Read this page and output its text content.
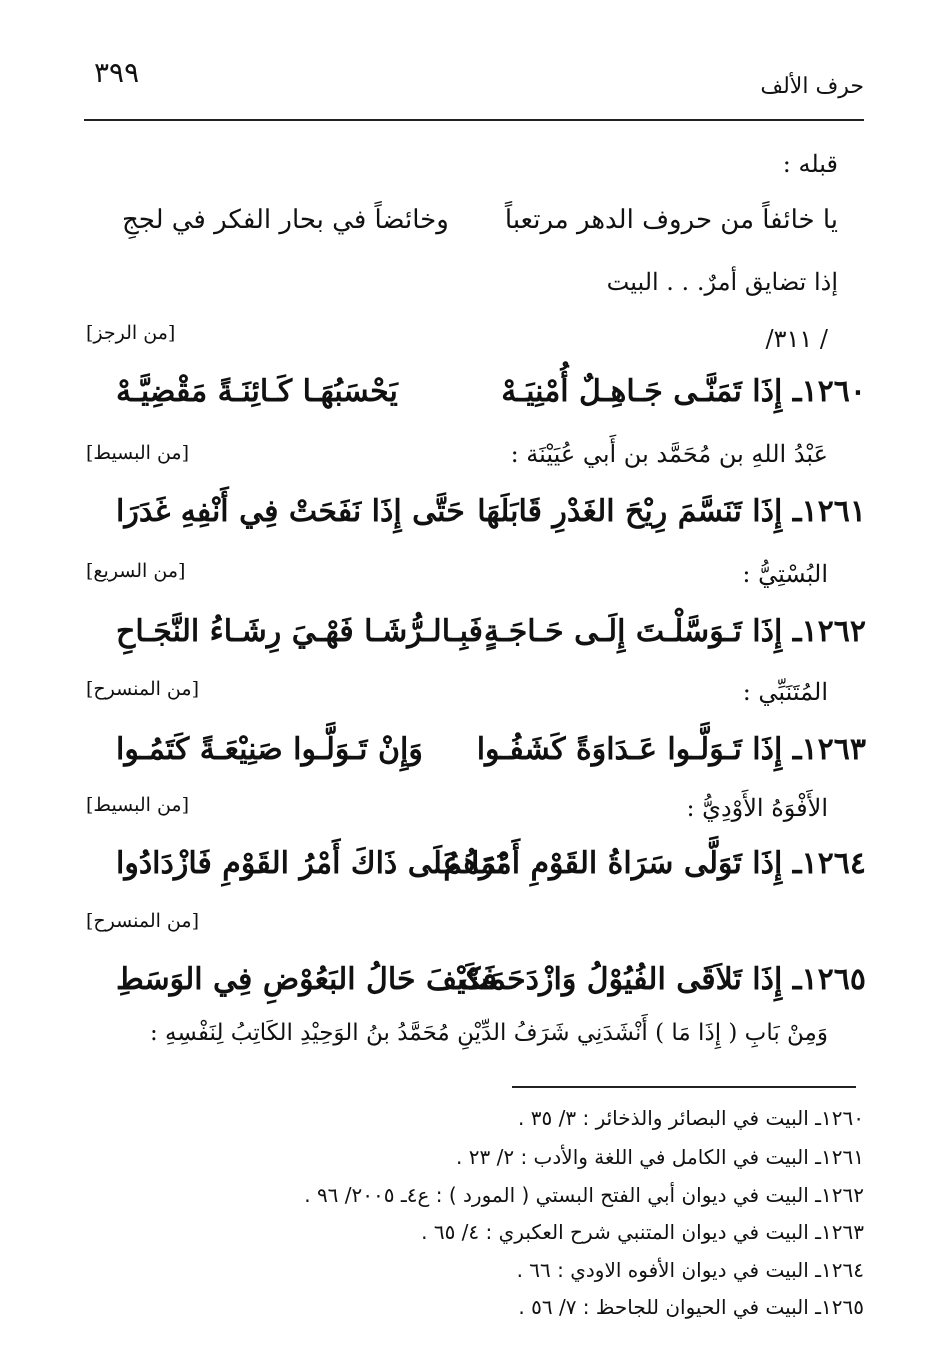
٣٩٩	حرف الألف
قبله :
يا خائفاً من حروف الدهر مرتعباً
وخائضاً في بحار الفكر في لججِ
إذا تضايق أمرٌ. . . البيت
/ ٣١١/
[من الرجز]
١٢٦٠ـ إِذَا تَمَنَّـى جَـاهِـلٌ أُمْنِيَـهْ
يَحْسَبُهَـا كَـائِنَـةً مَقْضِيَّـهْ
[من البسيط]	عَبْدُ اللهِ بن مُحَمَّد بن أَبي عُيَيْنَة :
١٢٦١ـ إِذَا تَنَسَّمَ رِيْحَ الغَدْرِ قَابَلَهَا
حَتَّى إِذَا نَفَحَتْ فِي أَنْفِهِ غَدَرَا
[من السريع]	البُسْتِيُّ :
١٢٦٢ـ إِذَا تَـوَسَّلْـتَ إِلَـى حَـاجَـةٍ
فَبِـالـرُّشَـا فَهْـيَ رِشَـاءُ النَّجَـاحِ
[من المنسرح]	المُتَنَبِّي :
١٢٦٣ـ إِذَا تَـوَلَّـوا عَـدَاوَةً كَشَفُـوا
وَإِنْ تَـوَلَّـوا صَنِيْعَـةً كَتَمُـوا
[من البسيط]	الأَفْوَهُ الأَوْدِيُّ :
١٢٦٤ـ إِذَا تَوَلَّى سَرَاةُ القَوْمِ أَمْرَهُمُ
نَمَا عَلَى ذَاكَ أَمْرُ القَوْمِ فَازْدَادُوا
[من المنسرح]
١٢٦٥ـ إِذَا تَلاَقَى الفُيُوْلُ وَازْدَحَمَتْ
فَكَيْفَ حَالُ البَعُوْضِ فِي الوَسَطِ
وَمِنْ بَابِ ( إِذَا مَا ) أَنْشَدَنِي شَرَفُ الدِّيْنِ مُحَمَّدُ بنُ الوَحِيْدِ الكَاتِبُ لِنَفْسِهِ :
١٢٦٠ـ البيت في البصائر والذخائر : ٣/ ٣٥ .
١٢٦١ـ البيت في الكامل في اللغة والأدب : ٢/ ٢٣ .
١٢٦٢ـ البيت في ديوان أبي الفتح البستي ( المورد ) : ع٤ـ ٢٠٠٥/ ٩٦ .
١٢٦٣ـ البيت في ديوان المتنبي شرح العكبري : ٤/ ٦٥ .
١٢٦٤ـ البيت في ديوان الأفوه الاودي : ٦٦ .
١٢٦٥ـ البيت في الحيوان للجاحظ : ٧/ ٥٦ .
